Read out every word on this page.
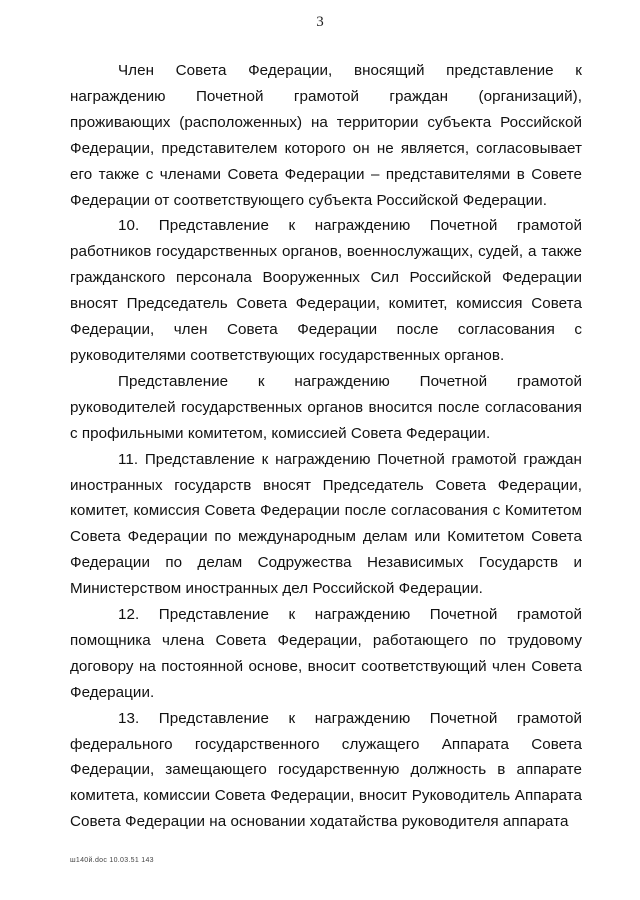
3

Член Совета Федерации, вносящий представление к награждению Почетной грамотой граждан (организаций), проживающих (расположенных) на территории субъекта Российской Федерации, представителем которого он не является, согласовывает его также с членами Совета Федерации – представителями в Совете Федерации от соответствующего субъекта Российской Федерации.

10. Представление к награждению Почетной грамотой работников государственных органов, военнослужащих, судей, а также гражданского персонала Вооруженных Сил Российской Федерации вносят Председатель Совета Федерации, комитет, комиссия Совета Федерации, член Совета Федерации после согласования с руководителями соответствующих государственных органов.

Представление к награждению Почетной грамотой руководителей государственных органов вносится после согласования с профильными комитетом, комиссией Совета Федерации.

11. Представление к награждению Почетной грамотой граждан иностранных государств вносят Председатель Совета Федерации, комитет, комиссия Совета Федерации после согласования с Комитетом Совета Федерации по международным делам или Комитетом Совета Федерации по делам Содружества Независимых Государств и Министерством иностранных дел Российской Федерации.

12. Представление к награждению Почетной грамотой помощника члена Совета Федерации, работающего по трудовому договору на постоянной основе, вносит соответствующий член Совета Федерации.

13. Представление к награждению Почетной грамотой федерального государственного служащего Аппарата Совета Федерации, замещающего государственную должность в аппарате комитета, комиссии Совета Федерации, вносит Руководитель Аппарата Совета Федерации на основании ходатайства руководителя аппарата

ш140й.doc 10.03.51 143
